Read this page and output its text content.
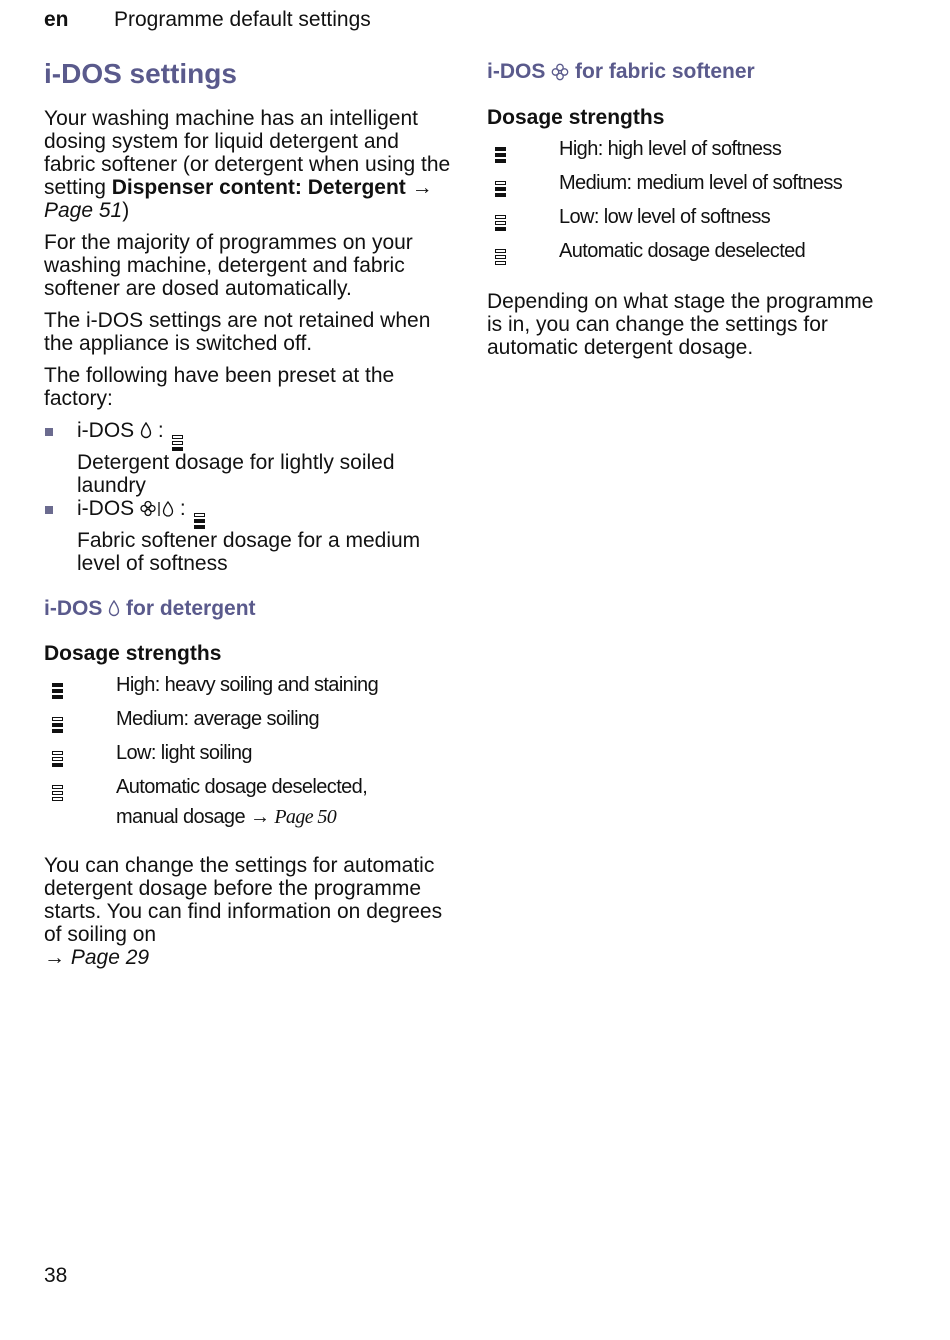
en Programme default settings
i-DOS settings

Your washing machine has an intelligent dosing system for liquid detergent and fabric softener (or detergent when using the setting Dispenser content: Detergent → Page 51)

For the majority of programmes on your washing machine, detergent and fabric softener are dosed automatically.

The i-DOS settings are not retained when the appliance is switched off.

The following have been preset at the factory:

i-DOS :

Detergent dosage for lightly soiled laundry
i-DOS :

Fabric softener dosage for a medium level of softness
i-DOS for detergent
Dosage strengths
High: heavy soiling and staining
Medium: average soiling
Low: light soiling
Automatic dosage deselected,
manual dosage → Page 50

You can change the settings for automatic detergent dosage before the programme starts. You can find information on degrees of soiling on
→ Page 29

i-DOS for fabric softener
Dosage strengths
High: high level of softness
Medium: medium level of softness
Low: low level of softness
Automatic dosage deselected

Depending on what stage the programme is in, you can change the settings for automatic detergent dosage.

38
